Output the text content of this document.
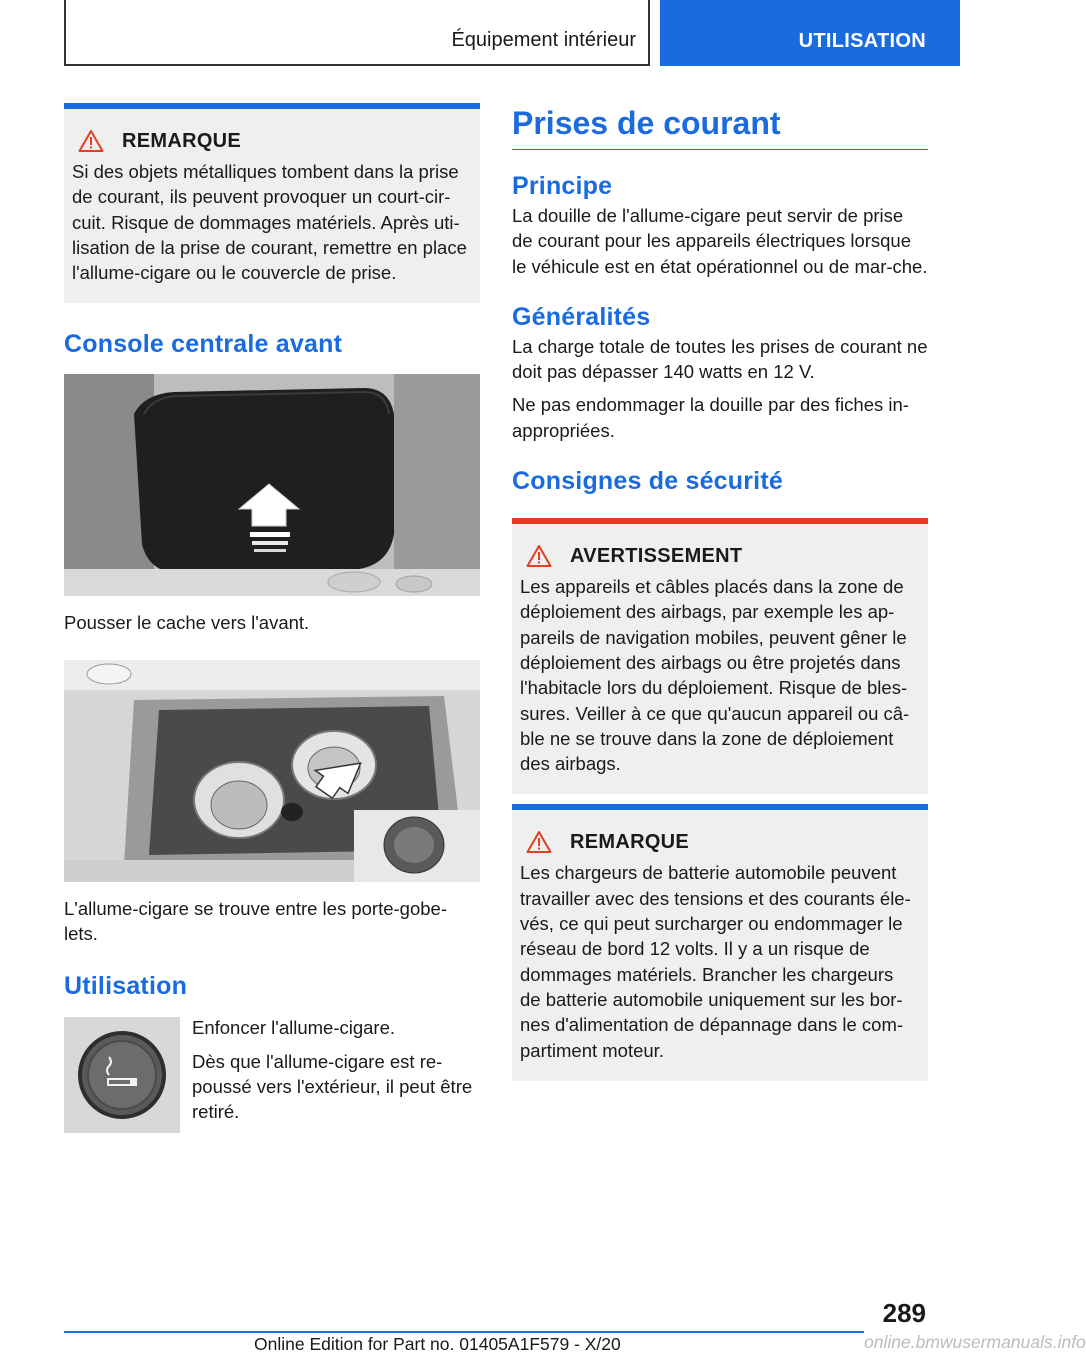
Équipement intérieur	UTILISATION
REMARQUE

Si des objets métalliques tombent dans la prise de courant, ils peuvent provoquer un court-cir-cuit. Risque de dommages matériels. Après uti-lisation de la prise de courant, remettre en place l'allume-cigare ou le couvercle de prise.

Console centrale avant

Pousser le cache vers l'avant.

L'allume-cigare se trouve entre les porte-gobe-lets.

Utilisation

Enfoncer l'allume-cigare.

Dès que l'allume-cigare est re-poussé vers l'extérieur, il peut être retiré.

Prises de courant
Principe

La douille de l'allume-cigare peut servir de prise de courant pour les appareils électriques lorsque le véhicule est en état opérationnel ou de mar-che.

Généralités

La charge totale de toutes les prises de courant ne doit pas dépasser 140 watts en 12 V.

Ne pas endommager la douille par des fiches in-appropriées.

Consignes de sécurité
AVERTISSEMENT

Les appareils et câbles placés dans la zone de déploiement des airbags, par exemple les ap-pareils de navigation mobiles, peuvent gêner le déploiement des airbags ou être projetés dans l'habitacle lors du déploiement. Risque de bles-sures. Veiller à ce que qu'aucun appareil ou câ-ble ne se trouve dans la zone de déploiement des airbags.

REMARQUE

Les chargeurs de batterie automobile peuvent travailler avec des tensions et des courants éle-vés, ce qui peut surcharger ou endommager le réseau de bord 12 volts. Il y a un risque de dommages matériels. Brancher les chargeurs de batterie automobile uniquement sur les bor-nes d'alimentation de dépannage dans le com-partiment moteur.

289
Online Edition for Part no. 01405A1F579 - X/20	online.bmwusermanuals.info
